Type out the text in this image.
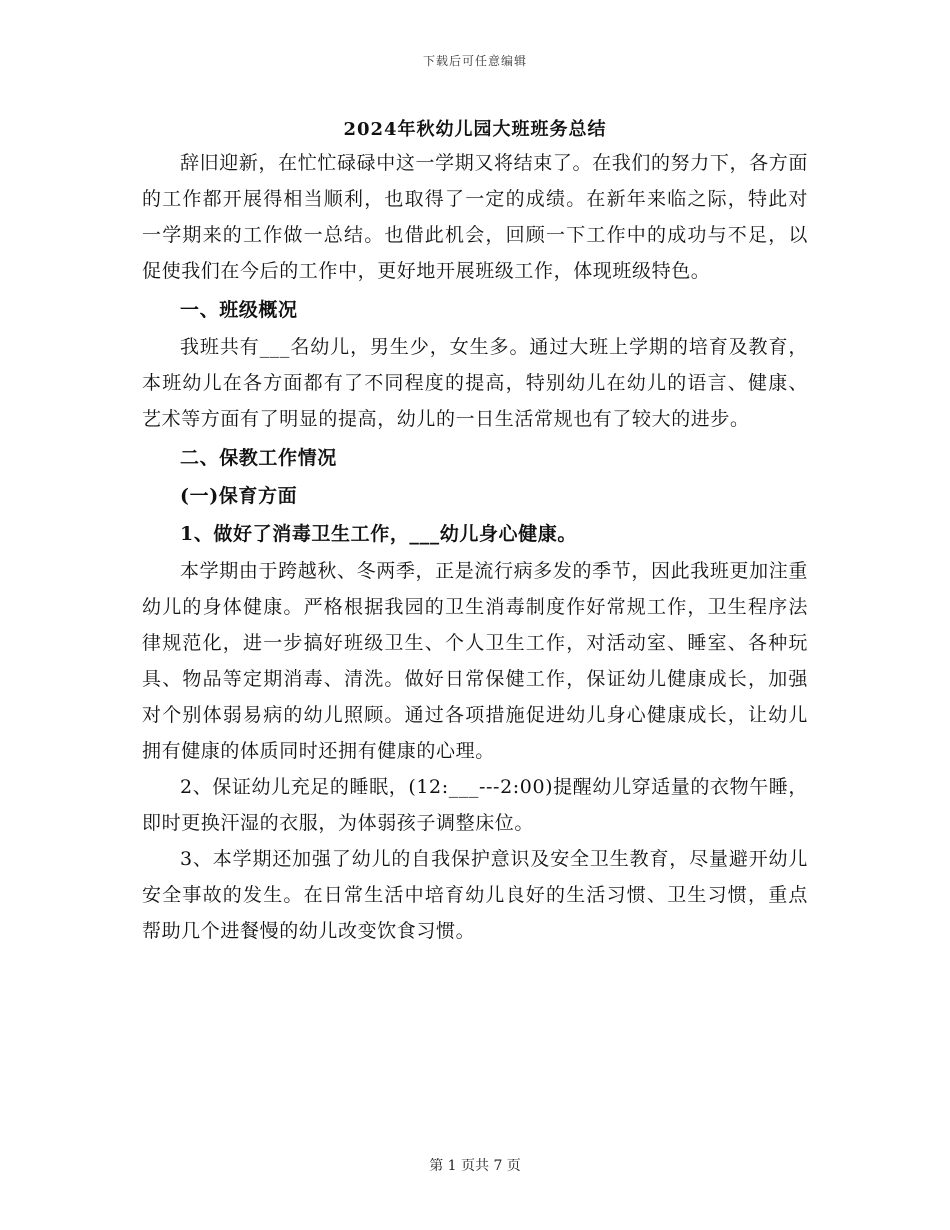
下载后可任意编辑
2024年秋幼儿园大班班务总结

辞旧迎新，在忙忙碌碌中这一学期又将结束了。在我们的努力下，各方面的工作都开展得相当顺利，也取得了一定的成绩。在新年来临之际，特此对一学期来的工作做一总结。也借此机会，回顾一下工作中的成功与不足，以促使我们在今后的工作中，更好地开展班级工作，体现班级特色。

一、班级概况

我班共有___名幼儿，男生少，女生多。通过大班上学期的培育及教育，本班幼儿在各方面都有了不同程度的提高，特别幼儿在幼儿的语言、健康、艺术等方面有了明显的提高，幼儿的一日生活常规也有了较大的进步。

二、保教工作情况

(一)保育方面

1、做好了消毒卫生工作，___幼儿身心健康。

本学期由于跨越秋、冬两季，正是流行病多发的季节，因此我班更加注重幼儿的身体健康。严格根据我园的卫生消毒制度作好常规工作，卫生程序法律规范化，进一步搞好班级卫生、个人卫生工作，对活动室、睡室、各种玩具、物品等定期消毒、清洗。做好日常保健工作，保证幼儿健康成长，加强对个别体弱易病的幼儿照顾。通过各项措施促进幼儿身心健康成长，让幼儿拥有健康的体质同时还拥有健康的心理。

2、保证幼儿充足的睡眠，(12:___---2:00)提醒幼儿穿适量的衣物午睡，即时更换汗湿的衣服，为体弱孩子调整床位。

3、本学期还加强了幼儿的自我保护意识及安全卫生教育，尽量避开幼儿安全事故的发生。在日常生活中培育幼儿良好的生活习惯、卫生习惯，重点帮助几个进餐慢的幼儿改变饮食习惯。

第 1 页共 7 页
